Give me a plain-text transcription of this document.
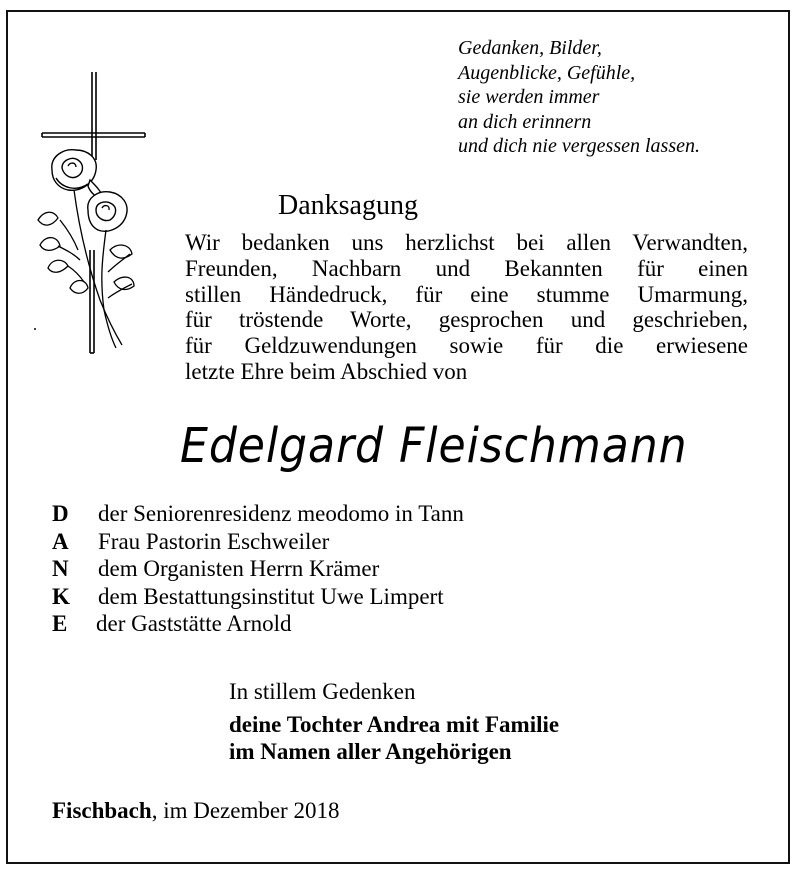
Gedanken, Bilder,
Augenblicke, Gefühle,
sie werden immer
an dich erinnern
und dich nie vergessen lassen.
Danksagung
Wir bedanken uns herzlichst bei allen Verwandten,
Freunden, Nachbarn und Bekannten für einen
stillen Händedruck, für eine stumme Umarmung,
für tröstende Worte, gesprochen und geschrieben,
für Geldzuwendungen sowie für die erwiesene
letzte Ehre beim Abschied von
Edelgard Fleischmann
D	der Seniorenresidenz meodomo in Tann
A	Frau Pastorin Eschweiler
N	dem Organisten Herrn Krämer
K	dem Bestattungsinstitut Uwe Limpert
E	der Gaststätte Arnold
In stillem Gedenken
deine Tochter Andrea mit Familie
im Namen aller Angehörigen
Fischbach, im Dezember 2018
